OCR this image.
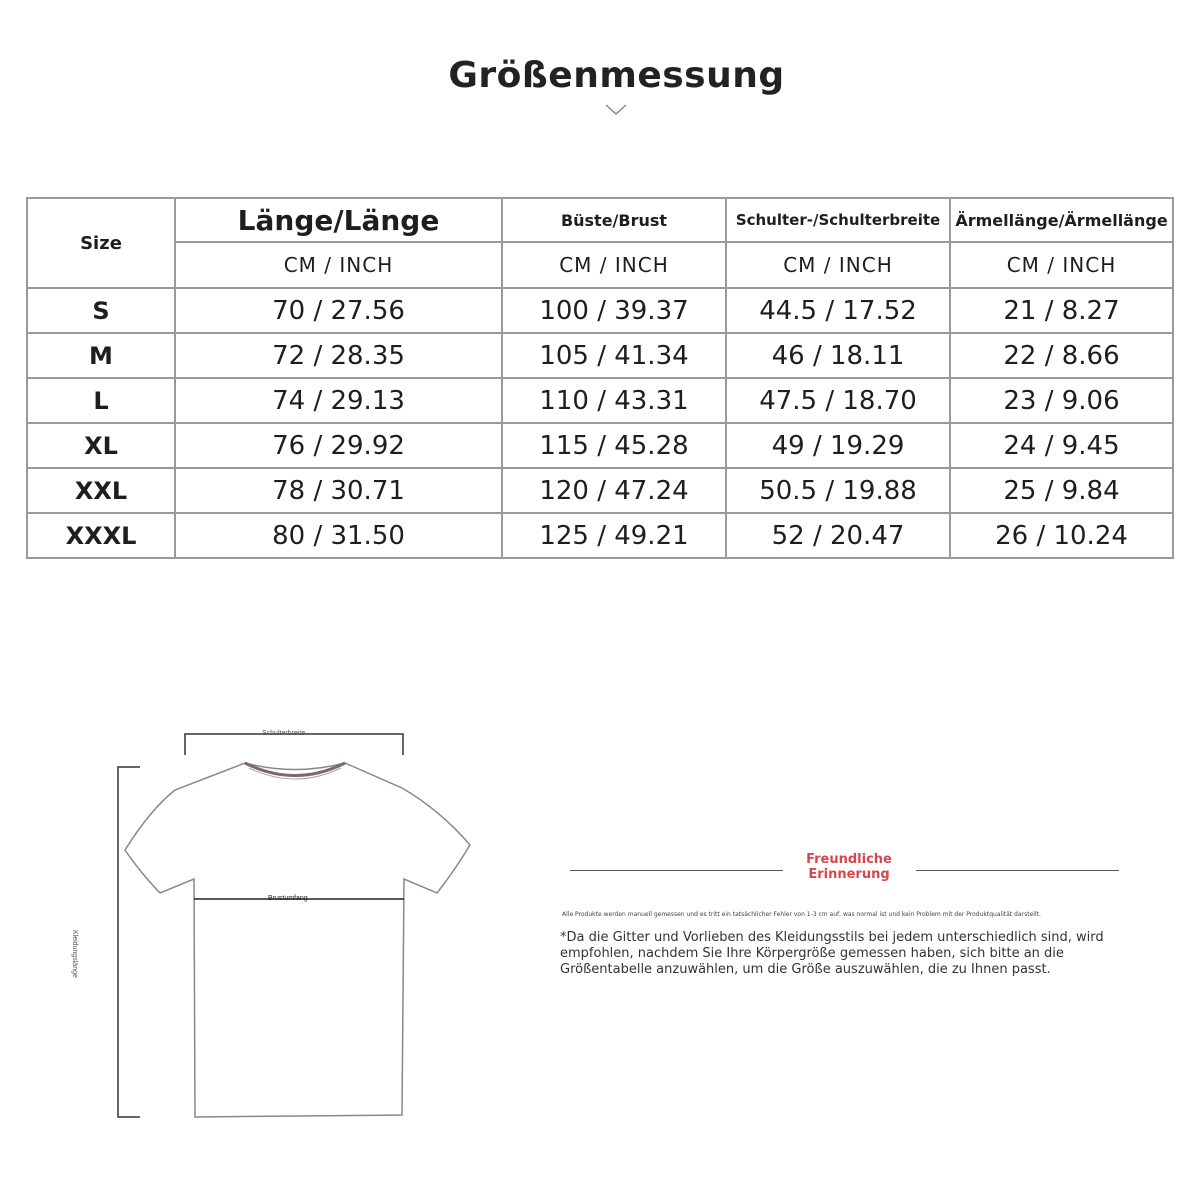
Größenmessung
Size	Länge/Länge	Büste/Brust	Schulter-/Schulterbreite	Ärmellänge/Ärmellänge
	CM / INCH	CM / INCH	CM / INCH	CM / INCH
S	70 / 27.56	100 / 39.37	44.5 / 17.52	21 / 8.27
M	72 / 28.35	105 / 41.34	46 / 18.11	22 / 8.66
L	74 / 29.13	110 / 43.31	47.5 / 18.70	23 / 9.06
XL	76 / 29.92	115 / 45.28	49 / 19.29	24 / 9.45
XXL	78 / 30.71	120 / 47.24	50.5 / 19.88	25 / 9.84
XXXL	80 / 31.50	125 / 49.21	52 / 20.47	26 / 10.24
Schulterbreite
Brustumfang
Kleidungslänge
Freundliche Erinnerung
Alle Produkte werden manuell gemessen und es tritt ein tatsächlicher Fehler von 1-3 cm auf, was normal ist und kein Problem mit der Produktqualität darstellt.
*Da die Gitter und Vorlieben des Kleidungsstils bei jedem unterschiedlich sind, wird empfohlen, nachdem Sie Ihre Körpergröße gemessen haben, sich bitte an die Größentabelle anzuwählen, um die Größe auszuwählen, die zu Ihnen passt.
